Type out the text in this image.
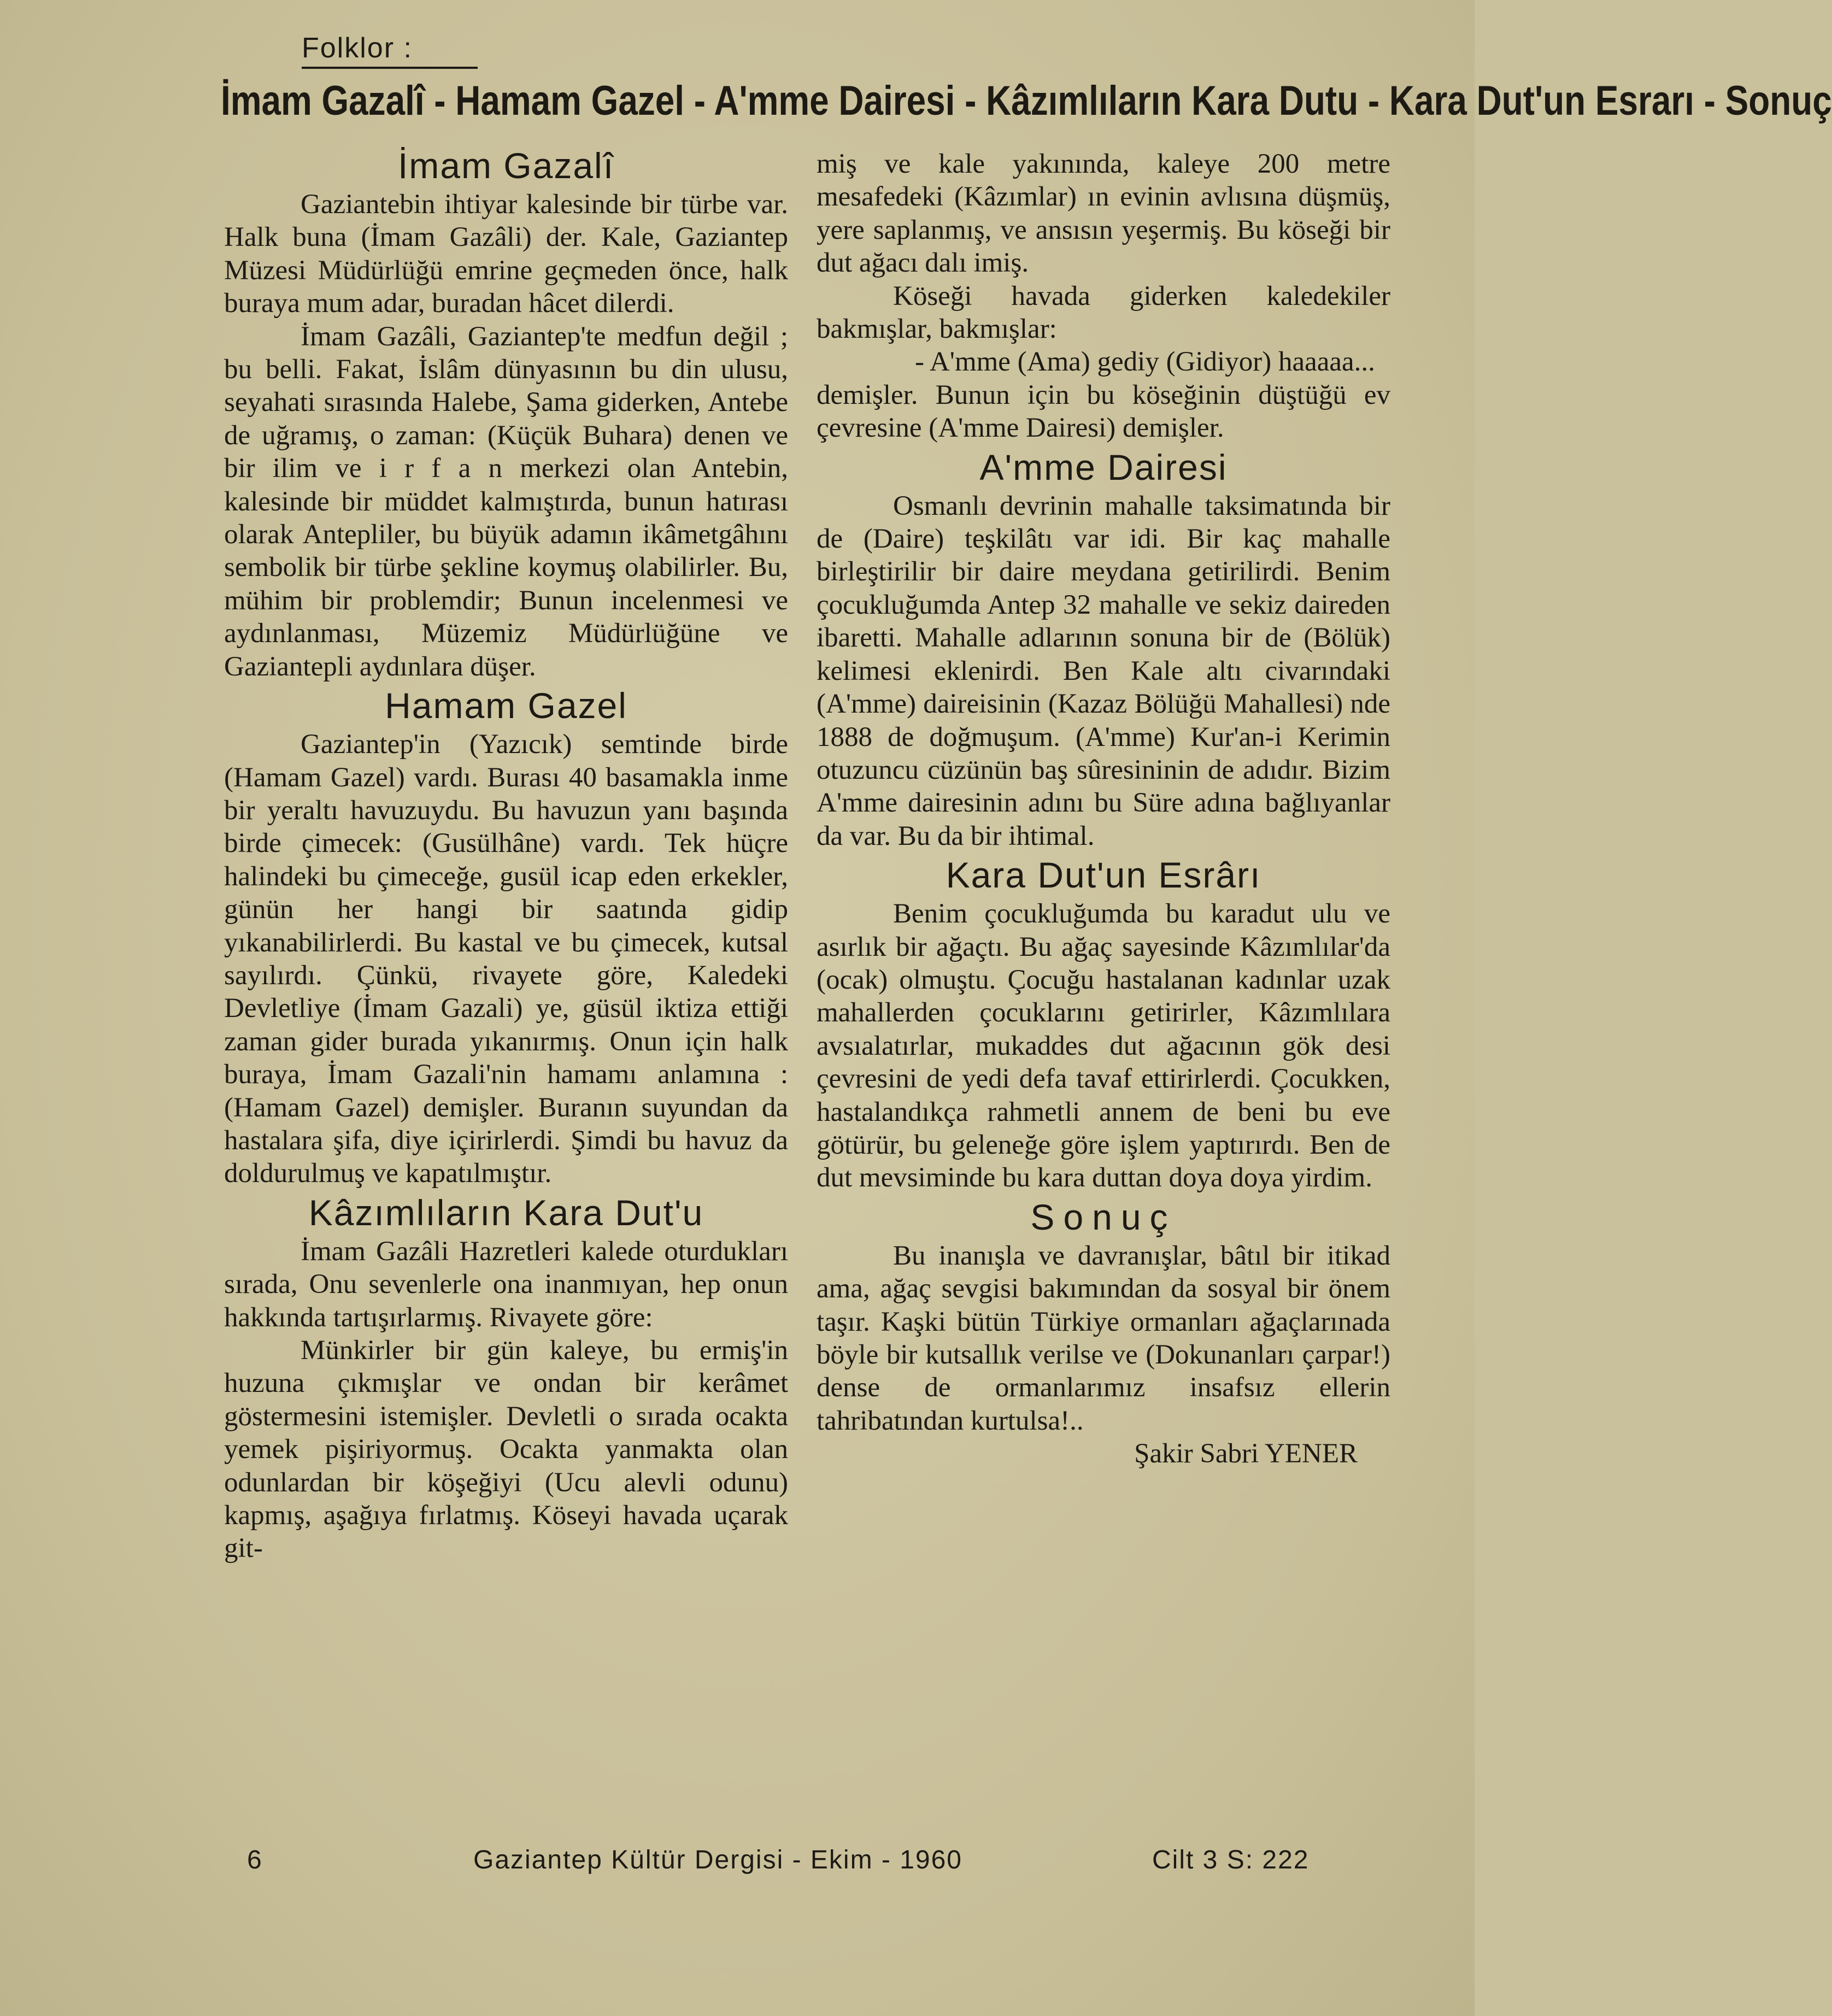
Folklor :
İmam Gazalî - Hamam Gazel - A'mme Dairesi - Kâzımlıların Kara Dutu - Kara Dut'un Esrarı - Sonuç
İmam Gazalî

Gaziantebin ihtiyar kalesinde bir türbe var. Halk buna (İmam Gazâli) der. Kale, Gaziantep Müzesi Müdürlüğü emrine geçmeden önce, halk buraya mum adar, buradan hâcet dilerdi.

İmam Gazâli, Gaziantep'te medfun değil ; bu belli. Fakat, İslâm dünyasının bu din ulusu, seyahati sırasında Halebe, Şama giderken, Antebe de uğramış, o zaman: (Küçük Buhara) denen ve bir ilim ve i r f a n merkezi olan Antebin, kalesinde bir müddet kalmıştırda, bunun hatırası olarak Antepliler, bu büyük adamın ikâmetgâhını sembolik bir türbe şekline koymuş olabilirler. Bu, mühim bir problemdir; Bunun incelenmesi ve aydınlanması, Müzemiz Müdürlüğüne ve Gaziantepli aydınlara düşer.

Hamam Gazel

Gaziantep'in (Yazıcık) semtinde birde (Hamam Gazel) vardı. Burası 40 basamakla inme bir yeraltı havuzuydu. Bu havuzun yanı başında birde çimecek: (Gusülhâne) vardı. Tek hüçre halindeki bu çimeceğe, gusül icap eden erkekler, günün her hangi bir saatında gidip yıkanabilirlerdi. Bu kastal ve bu çimecek, kutsal sayılırdı. Çünkü, rivayete göre, Kaledeki Devletliye (İmam Gazali) ye, güsül iktiza ettiği zaman gider burada yıkanırmış. Onun için halk buraya, İmam Gazali'nin hamamı anlamına : (Hamam Gazel) demişler. Buranın suyundan da hastalara şifa, diye içirirlerdi. Şimdi bu havuz da doldurulmuş ve kapatılmıştır.

Kâzımlıların Kara Dut'u

İmam Gazâli Hazretleri kalede oturdukları sırada, Onu sevenlerle ona inanmıyan, hep onun hakkında tartışırlarmış. Rivayete göre:

Münkirler bir gün kaleye, bu ermiş'in huzuna çıkmışlar ve ondan bir kerâmet göstermesini istemişler. Devletli o sırada ocakta yemek pişiriyormuş. Ocakta yanmakta olan odunlardan bir köşeğiyi (Ucu alevli odunu) kapmış, aşağıya fırlatmış. Köseyi havada uçarak git-

miş ve kale yakınında, kaleye 200 metre mesafedeki (Kâzımlar) ın evinin avlısına düşmüş, yere saplanmış, ve ansısın yeşermiş. Bu köseği bir dut ağacı dalı imiş.

Köseği havada giderken kaledekiler bakmışlar, bakmışlar:

- A'mme (Ama) gediy (Gidiyor) haaaaa...

demişler. Bunun için bu köseğinin düştüğü ev çevresine (A'mme Dairesi) demişler.

A'mme Dairesi

Osmanlı devrinin mahalle taksimatında bir de (Daire) teşkilâtı var idi. Bir kaç mahalle birleştirilir bir daire meydana getirilirdi. Benim çocukluğumda Antep 32 mahalle ve sekiz daireden ibaretti. Mahalle adlarının sonuna bir de (Bölük) kelimesi eklenirdi. Ben Kale altı civarındaki (A'mme) daireisinin (Kazaz Bölüğü Mahallesi) nde 1888 de doğmuşum. (A'mme) Kur'an-i Kerimin otuzuncu cüzünün baş sûresininin de adıdır. Bizim A'mme dairesinin adını bu Süre adına bağlıyanlar da var. Bu da bir ihtimal.

Kara Dut'un Esrârı

Benim çocukluğumda bu karadut ulu ve asırlık bir ağaçtı. Bu ağaç sayesinde Kâzımlılar'da (ocak) olmuştu. Çocuğu hastalanan kadınlar uzak mahallerden çocuklarını getirirler, Kâzımlılara avsıalatırlar, mukaddes dut ağacının gök desi çevresini de yedi defa tavaf ettirirlerdi. Çocukken, hastalandıkça rahmetli annem de beni bu eve götürür, bu geleneğe göre işlem yaptırırdı. Ben de dut mevsiminde bu kara duttan doya doya yirdim.

Sonuç

Bu inanışla ve davranışlar, bâtıl bir itikad ama, ağaç sevgisi bakımından da sosyal bir önem taşır. Kaşki bütün Türkiye ormanları ağaçlarınada böyle bir kutsallık verilse ve (Dokunanları çarpar!) dense de ormanlarımız insafsız ellerin tahribatından kurtulsa!..

Şakir Sabri YENER

6	Gaziantep Kültür Dergisi - Ekim - 1960	Cilt 3 S: 222
